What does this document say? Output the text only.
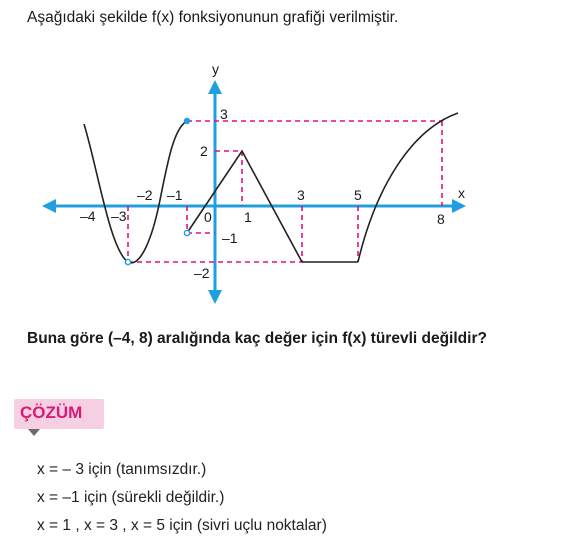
Aşağıdaki şekilde f(x) fonksiyonunun grafiği verilmiştir.
x
y
–4 –3
–2 –1
0 1
3	5
8
3
2
–1
–2
Buna göre (–4, 8) aralığında kaç değer için f(x) türevli değildir?
ÇÖZÜM
x = – 3 için (tanımsızdır.)
x = –1 için (sürekli değildir.)
x = 1 , x = 3 , x = 5 için (sivri uçlu noktalar)
